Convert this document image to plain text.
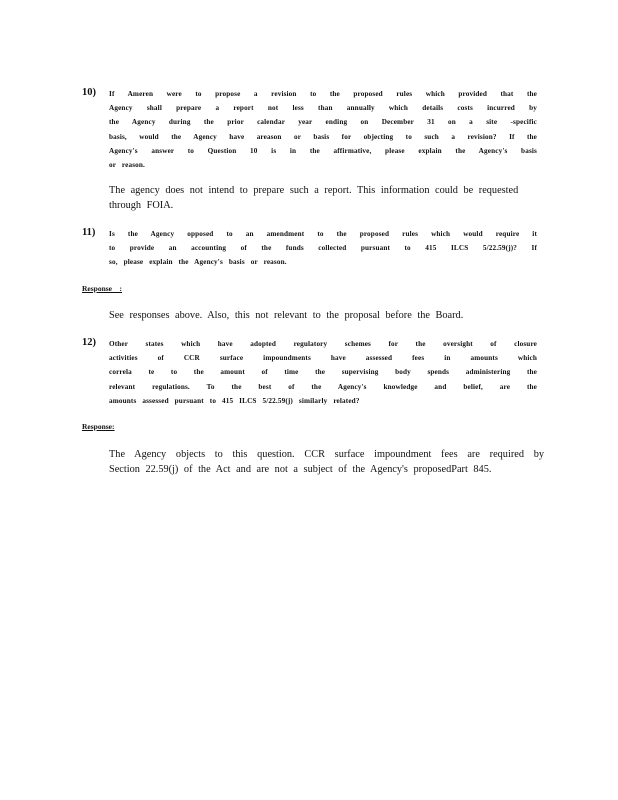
10) If Ameren were to propose a revision to the proposed rules which provided that the
Agency shall prepare a report not less than annually which details costs incurred by
the Agency during the prior calendar year ending on December 31 on a site -specific
basis, would the Agency have areason or basis for objecting to such a revision? If the
Agency's answer to Question 10 is in the affirmative, please explain the Agency's basis
or reason.
The agency does not intend to prepare such a report. This information could be requested
through FOIA.
11) Is the Agency opposed to an amendment to the proposed rules which would require it
to provide an accounting of the funds collected pursuant to 415 ILCS 5/22.59(j)? If
so, please explain the Agency's basis or reason.
Response    :
See responses above. Also, this not relevant to the proposal before the Board.
12) Other states which have adopted regulatory schemes for the oversight of closure
activities of CCR surface impoundments have assessed fees in amounts which
correla te to the amount of time the supervising body spends administering the
relevant regulations. To the best of the Agency's knowledge and belief, are the
amounts assessed pursuant to 415 ILCS 5/22.59(j) similarly related?
Response:
The Agency objects to this question. CCR surface impoundment fees are required by
Section 22.59(j) of the Act and are not a subject of the Agency's proposedPart 845.
